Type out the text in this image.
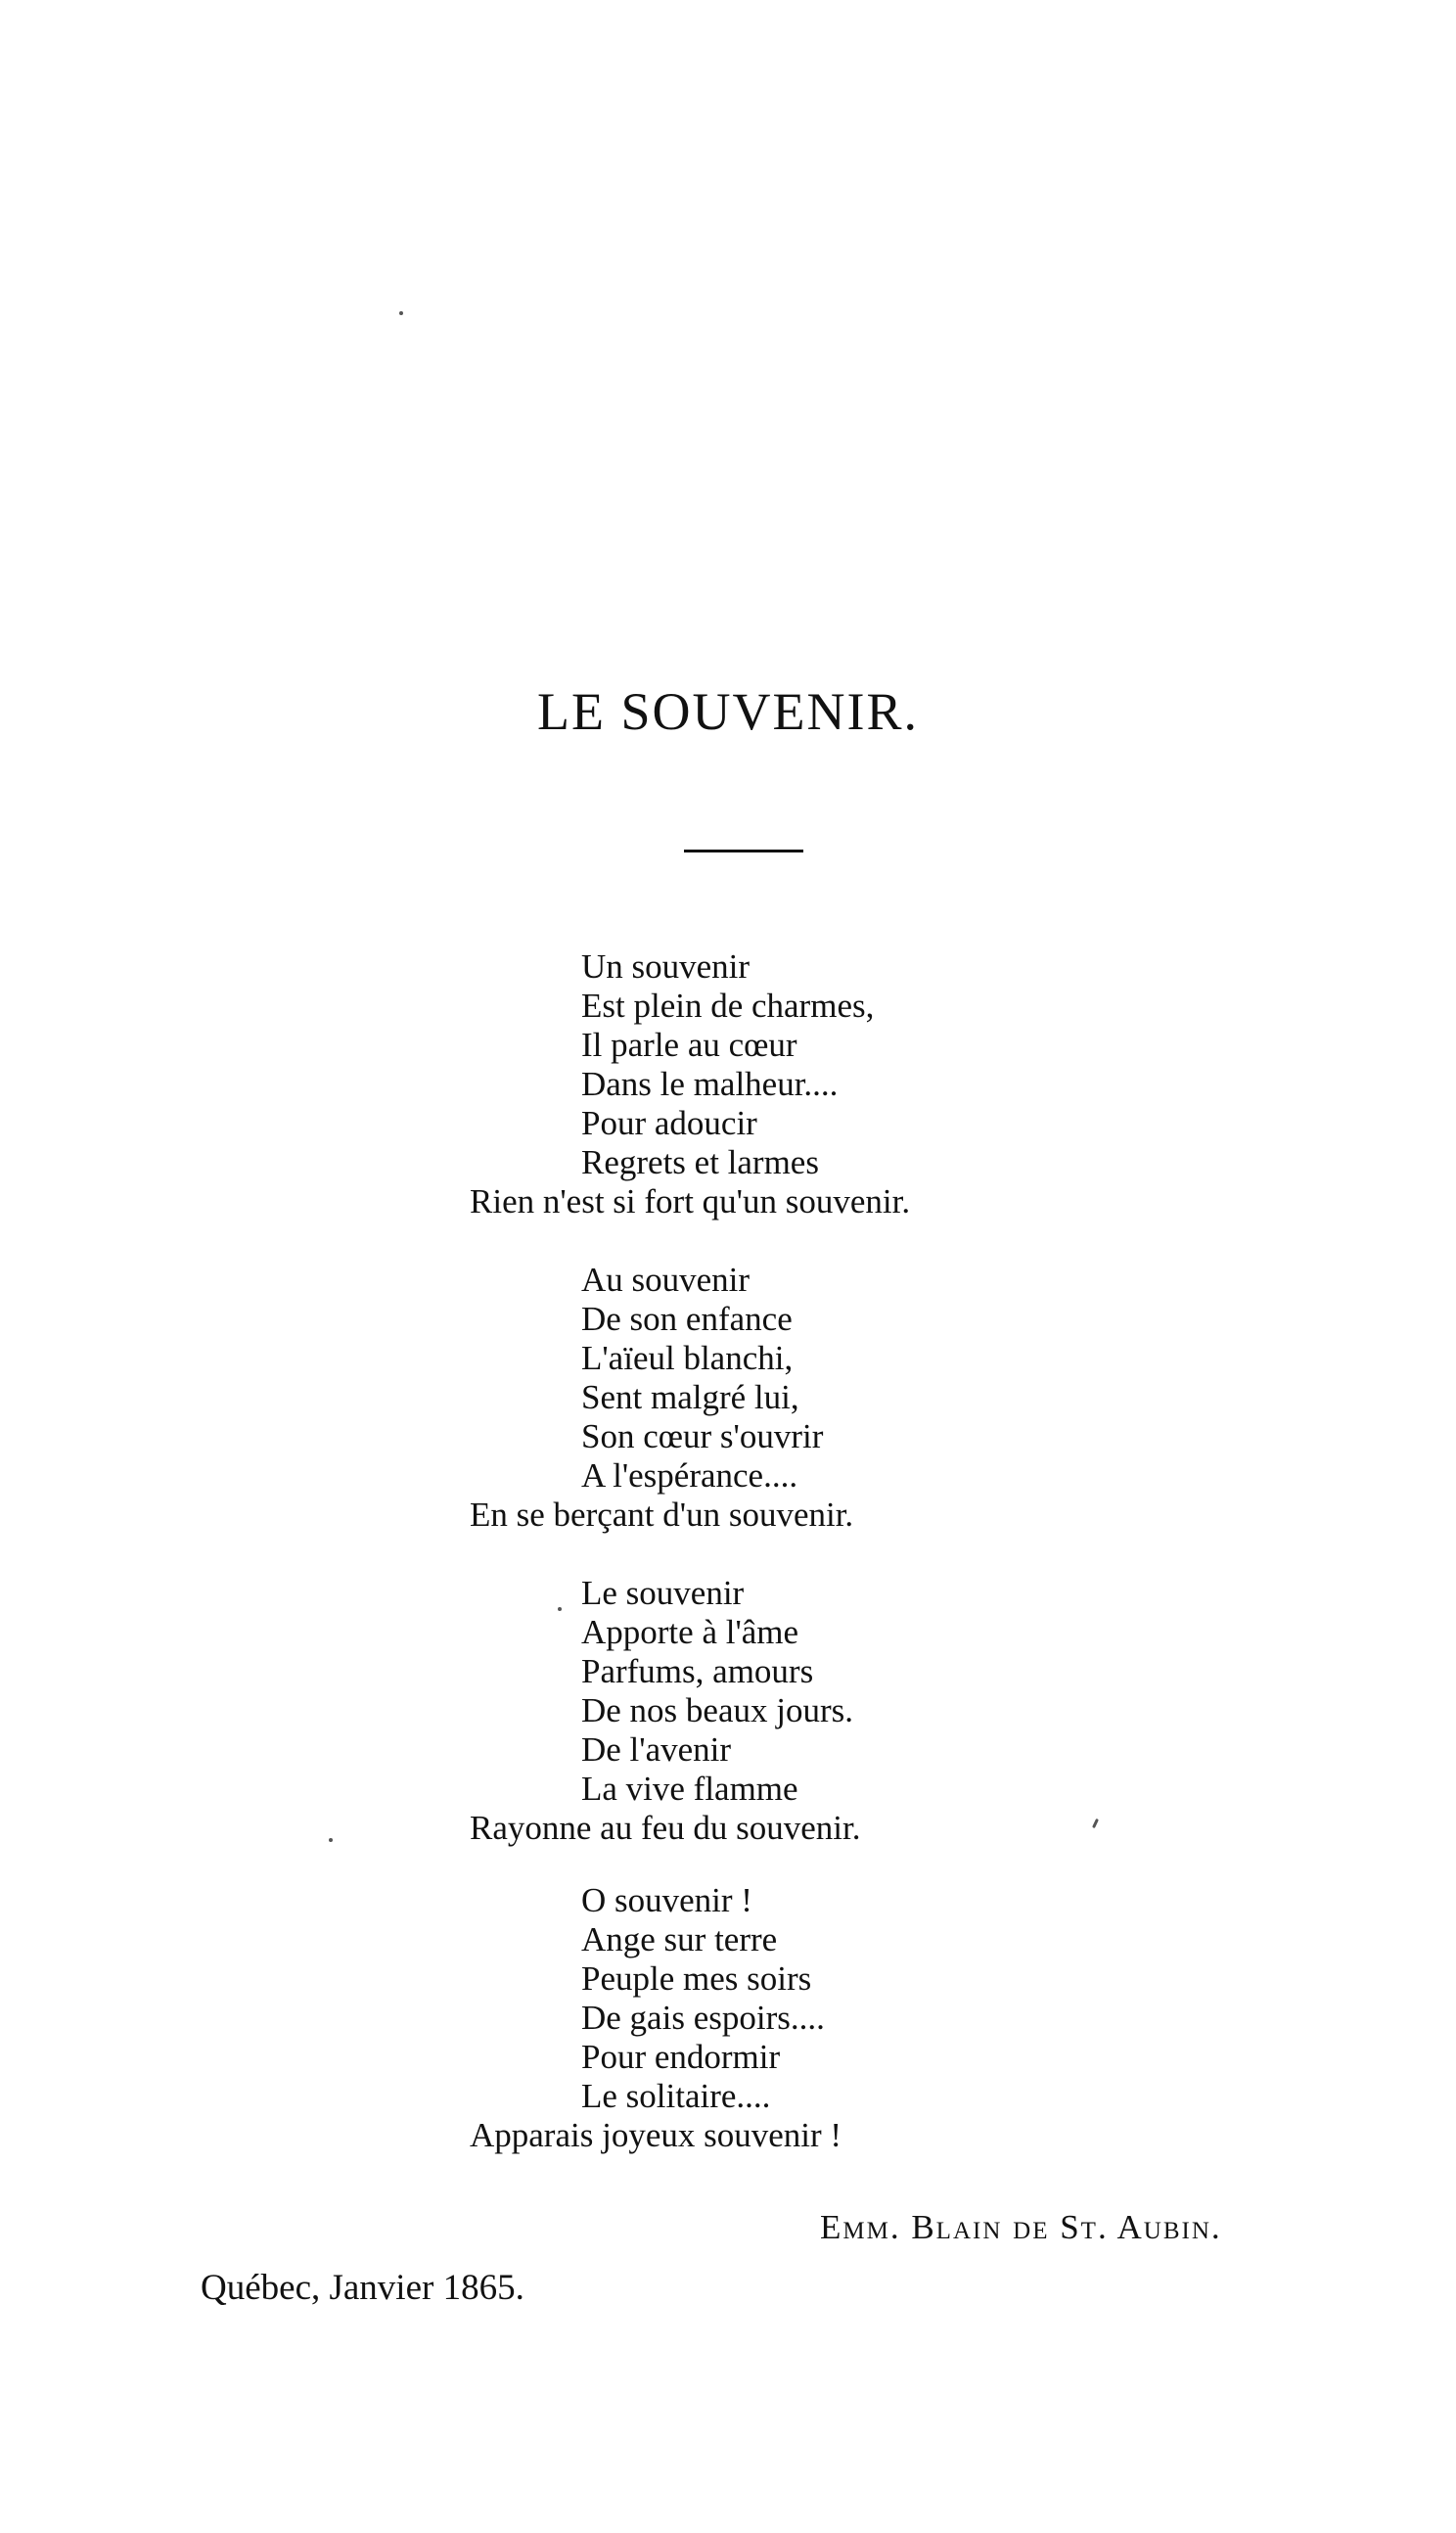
LE SOUVENIR.
Un souvenir
Est plein de charmes,
Il parle au cœur
Dans le malheur....
Pour adoucir
Regrets et larmes
Rien n'est si fort qu'un souvenir.
Au souvenir
De son enfance
L'aïeul blanchi,
Sent malgré lui,
Son cœur s'ouvrir
A l'espérance....
En se berçant d'un souvenir.
Le souvenir
Apporte à l'âme
Parfums, amours
De nos beaux jours.
De l'avenir
La vive flamme
Rayonne au feu du souvenir.
O souvenir !
Ange sur terre
Peuple mes soirs
De gais espoirs....
Pour endormir
Le solitaire....
Apparais joyeux souvenir !
Emm. Blain de St. Aubin.
Québec, Janvier 1865.
